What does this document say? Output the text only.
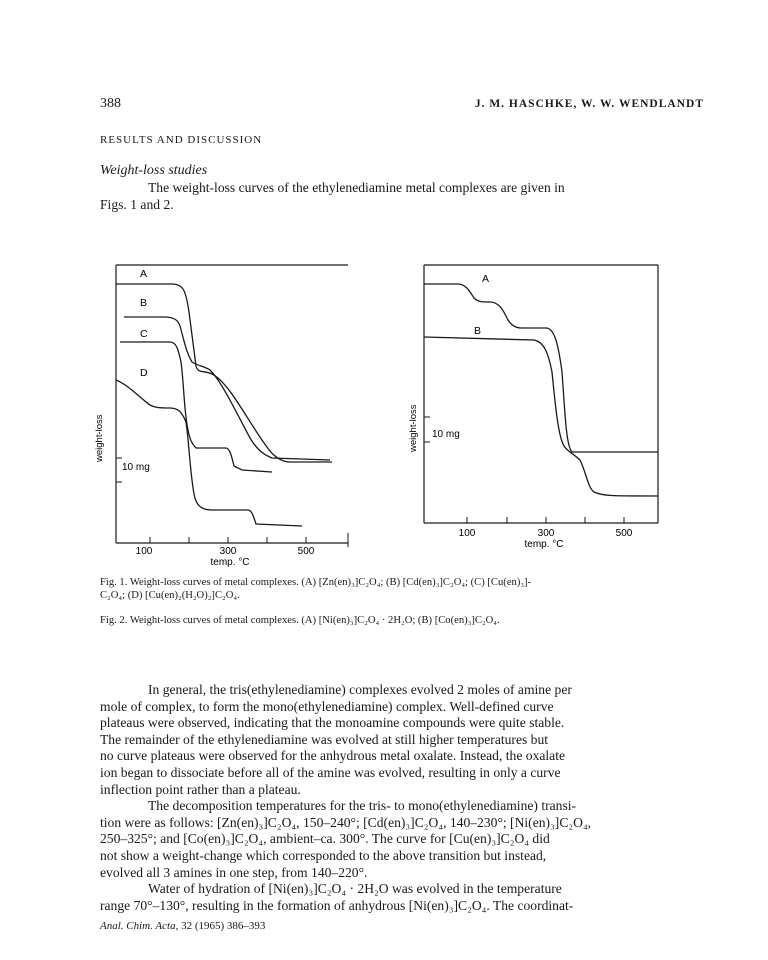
388	J. M. HASCHKE, W. W. WENDLANDT
RESULTS AND DISCUSSION
Weight-loss studies
The weight-loss curves of the ethylenediamine metal complexes are given in
Figs. 1 and 2.
A
B
C
D
weight-loss
10 mg
100	300	500
temp. °C
A
B
weight-loss 10 mg
100	300	500
temp. °C
Fig. 1. Weight-loss curves of metal complexes. (A) [Zn(en)₃]C₂O₄; (B) [Cd(en)₃]C₂O₄; (C) [Cu(en)₃]-
C₂O₄; (D) [Cu(en)₂(H₂O)₂]C₂O₄.
Fig. 2. Weight-loss curves of metal complexes. (A) [Ni(en)₃]C₂O₄ · 2H₂O; (B) [Co(en)₃]C₂O₄.
In general, the tris(ethylenediamine) complexes evolved 2 moles of amine per
mole of complex, to form the mono(ethylenediamine) complex. Well-defined curve
plateaus were observed, indicating that the monoamine compounds were quite stable.
The remainder of the ethylenediamine was evolved at still higher temperatures but
no curve plateaus were observed for the anhydrous metal oxalate. Instead, the oxalate
ion began to dissociate before all of the amine was evolved, resulting in only a curve
inflection point rather than a plateau.
The decomposition temperatures for the tris- to mono(ethylenediamine) transi-
tion were as follows: [Zn(en)₃]C₂O₄, 150–240°; [Cd(en)₃]C₂O₄, 140–230°; [Ni(en)₃]C₂O₄,
250–325°; and [Co(en)₃]C₂O₄, ambient–ca. 300°. The curve for [Cu(en)₃]C₂O₄ did
not show a weight-change which corresponded to the above transition but instead,
evolved all 3 amines in one step, from 140–220°.
Water of hydration of [Ni(en)₃]C₂O₄ · 2H₂O was evolved in the temperature
range 70°–130°, resulting in the formation of anhydrous [Ni(en)₃]C₂O₄. The coordinat-
Anal. Chim. Acta, 32 (1965) 386–393
